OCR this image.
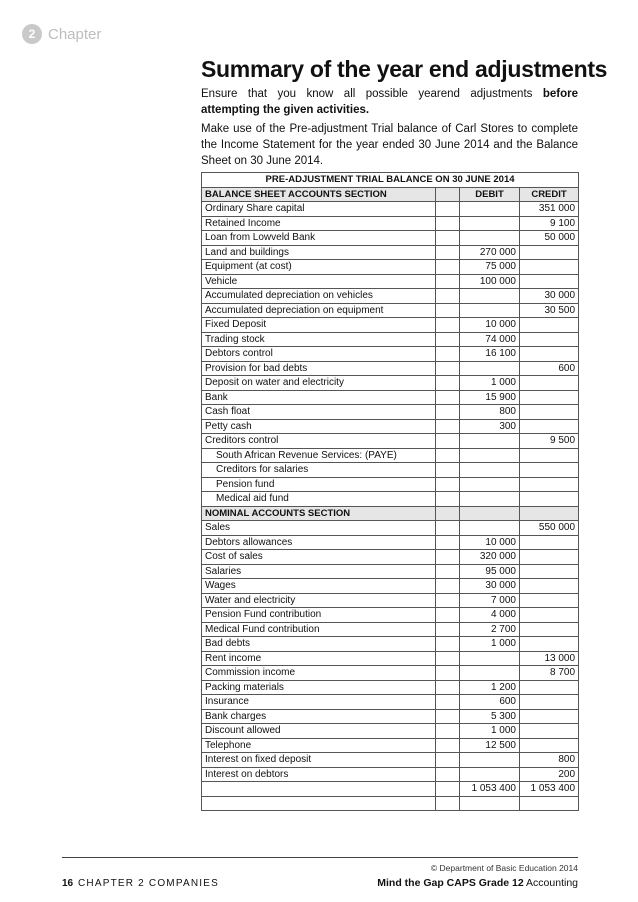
2 Chapter
Summary of the year end adjustments

Ensure that you know all possible yearend adjustments before attempting the given activities.

Make use of the Pre-adjustment Trial balance of Carl Stores to complete the Income Statement for the year ended 30 June 2014 and the Balance Sheet on 30 June 2014.

PRE-ADJUSTMENT TRIAL BALANCE ON 30 JUNE 2014			
BALANCE SHEET ACCOUNTS SECTION		DEBIT	CREDIT
Ordinary Share capital			351 000
Retained Income			9 100
Loan from Lowveld Bank			50 000
Land and buildings		270 000	
Equipment (at cost)		75 000	
Vehicle		100 000	
Accumulated depreciation on vehicles			30 000
Accumulated depreciation on equipment			30 500
Fixed Deposit		10 000	
Trading stock		74 000	
Debtors control		16 100	
Provision for bad debts			600
Deposit on water and electricity		1 000	
Bank		15 900	
Cash float		800	
Petty cash		300	
Creditors control			9 500
South African Revenue Services: (PAYE)			
Creditors for salaries			
Pension fund			
Medical aid fund			
NOMINAL ACCOUNTS SECTION			
Sales			550 000
Debtors allowances		10 000	
Cost of sales		320 000	
Salaries		95 000	
Wages		30 000	
Water and electricity		7 000	
Pension Fund contribution		4 000	
Medical Fund contribution		2 700	
Bad debts		1 000	
Rent income			13 000
Commission income			8 700
Packing materials		1 200	
Insurance		600	
Bank charges		5 300	
Discount allowed		1 000	
Telephone		12 500	
Interest on fixed deposit			800
Interest on debtors			200
		1 053 400	1 053 400

© Department of Basic Education 2014
16 CHAPTER 2 COMPANIES	Mind the Gap CAPS Grade 12 Accounting
